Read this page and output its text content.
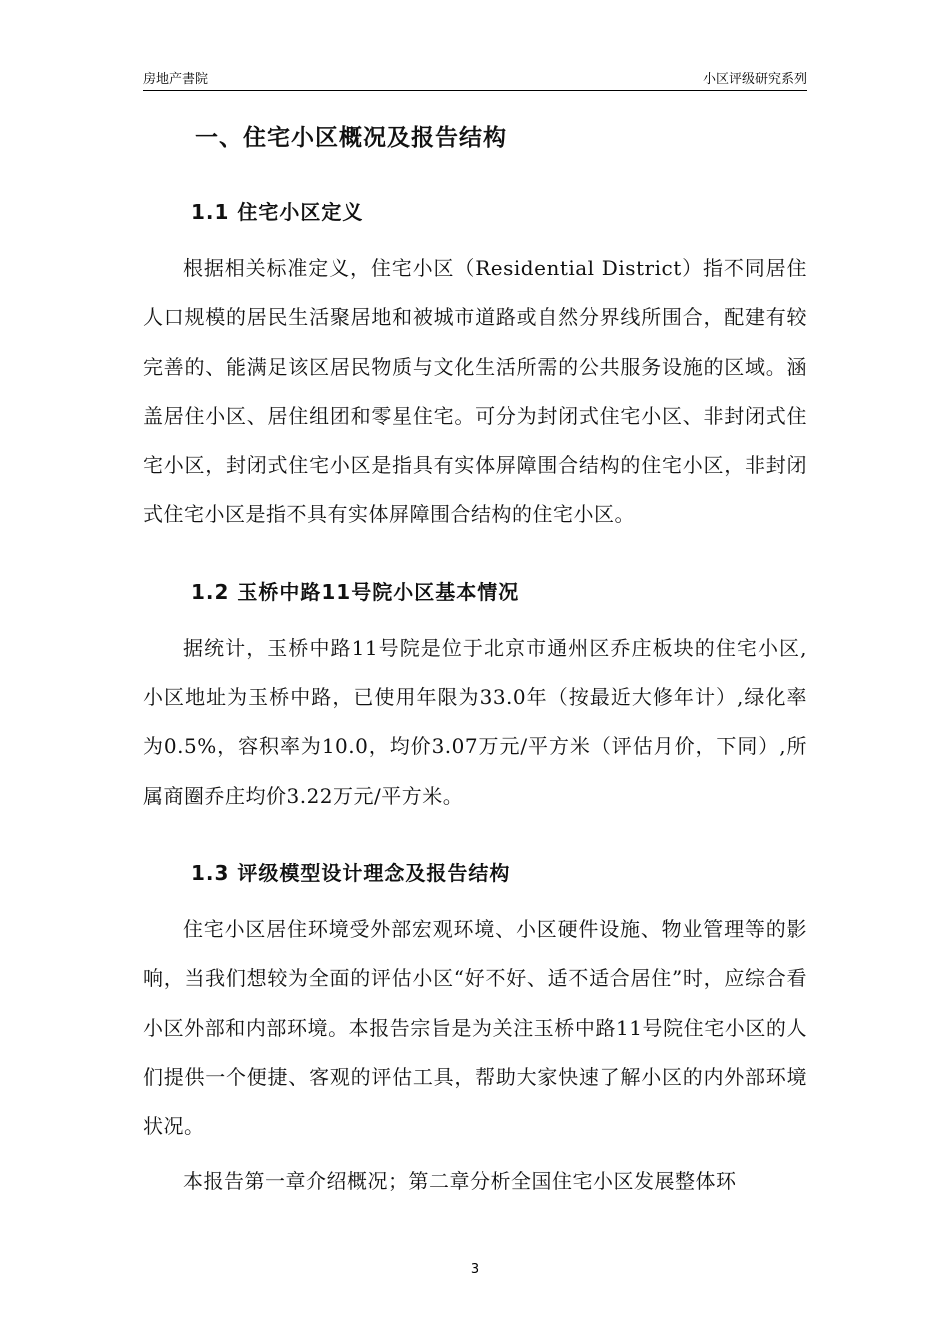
房地产書院	小区评级研究系列
一、住宅小区概况及报告结构
1.1 住宅小区定义

根据相关标准定义，住宅小区（Residential District）指不同居住人口规模的居民生活聚居地和被城市道路或自然分界线所围合，配建有较完善的、能满足该区居民物质与文化生活所需的公共服务设施的区域。涵盖居住小区、居住组团和零星住宅。可分为封闭式住宅小区、非封闭式住宅小区，封闭式住宅小区是指具有实体屏障围合结构的住宅小区，非封闭式住宅小区是指不具有实体屏障围合结构的住宅小区。

1.2 玉桥中路11号院小区基本情况

据统计，玉桥中路11号院是位于北京市通州区乔庄板块的住宅小区,小区地址为玉桥中路，已使用年限为33.0年（按最近大修年计）,绿化率为0.5%，容积率为10.0，均价3.07万元/平方米（评估月价，下同）,所属商圈乔庄均价3.22万元/平方米。

1.3 评级模型设计理念及报告结构

住宅小区居住环境受外部宏观环境、小区硬件设施、物业管理等的影响，当我们想较为全面的评估小区“好不好、适不适合居住”时，应综合看小区外部和内部环境。本报告宗旨是为关注玉桥中路11号院住宅小区的人们提供一个便捷、客观的评估工具，帮助大家快速了解小区的内外部环境状况。

本报告第一章介绍概况；第二章分析全国住宅小区发展整体环

3
